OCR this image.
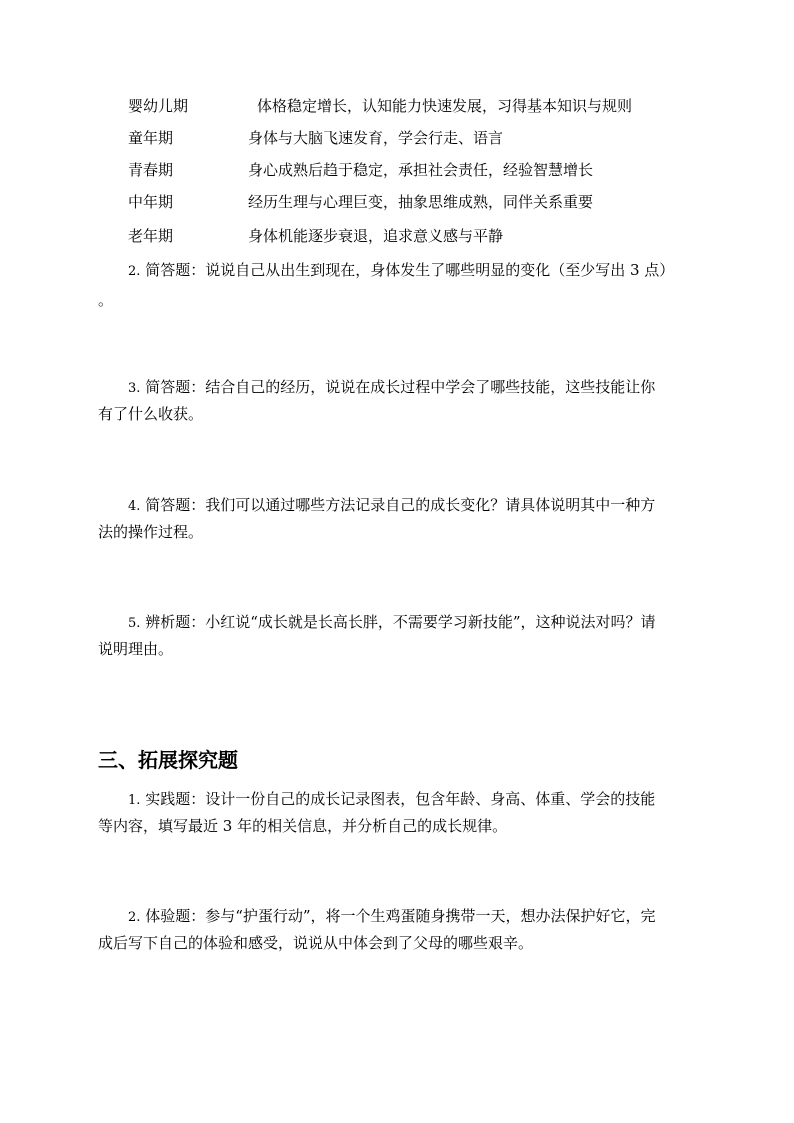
婴幼儿期	体格稳定增长，认知能力快速发展，习得基本知识与规则
童年期	身体与大脑飞速发育，学会行走、语言
青春期	身心成熟后趋于稳定，承担社会责任，经验智慧增长
中年期	经历生理与心理巨变，抽象思维成熟，同伴关系重要
老年期	身体机能逐步衰退，追求意义感与平静
2. 简答题：说说自己从出生到现在，身体发生了哪些明显的变化（至少写出 3 点）
。
3. 简答题：结合自己的经历，说说在成长过程中学会了哪些技能，这些技能让你
有了什么收获。
4. 简答题：我们可以通过哪些方法记录自己的成长变化？请具体说明其中一种方
法的操作过程。
5. 辨析题：小红说“成长就是长高长胖，不需要学习新技能”，这种说法对吗？请
说明理由。
三、拓展探究题
1. 实践题：设计一份自己的成长记录图表，包含年龄、身高、体重、学会的技能
等内容，填写最近 3 年的相关信息，并分析自己的成长规律。
2. 体验题：参与“护蛋行动”，将一个生鸡蛋随身携带一天，想办法保护好它，完
成后写下自己的体验和感受，说说从中体会到了父母的哪些艰辛。
